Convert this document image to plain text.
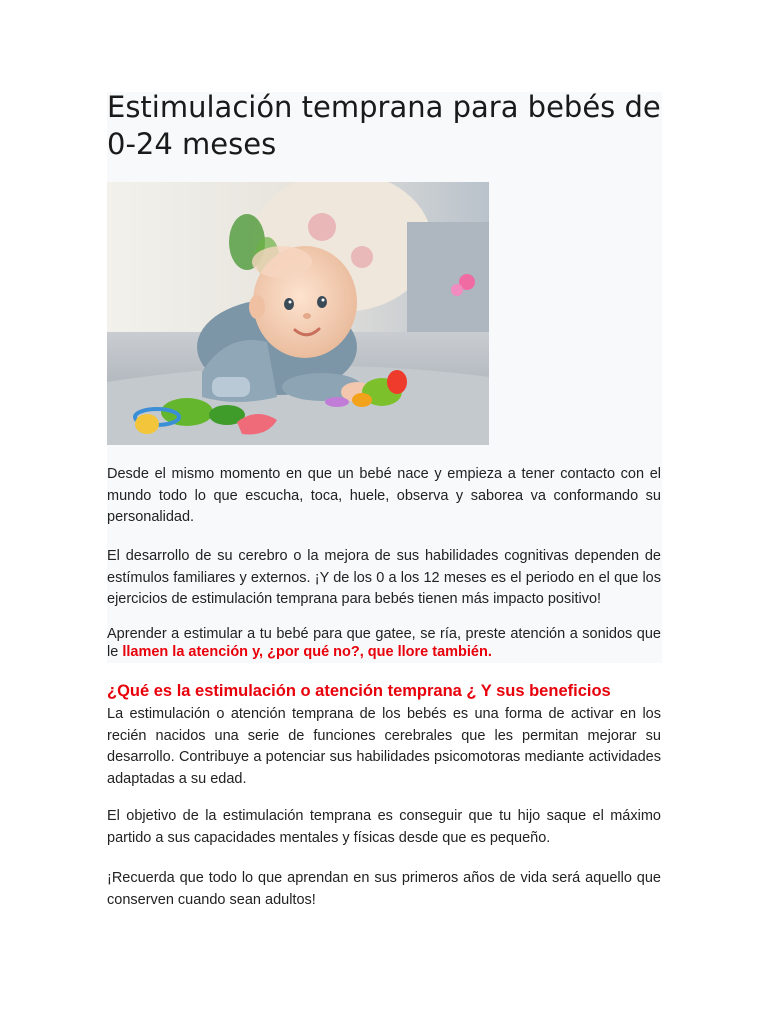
Estimulación temprana para bebés de 0-24 meses

Desde el mismo momento en que un bebé nace y empieza a tener contacto con el mundo todo lo que escucha, toca, huele, observa y saborea va conformando su personalidad.

El desarrollo de su cerebro o la mejora de sus habilidades cognitivas dependen de estímulos familiares y externos. ¡Y de los 0 a los 12 meses es el periodo en el que los ejercicios de estimulación temprana para bebés tienen más impacto positivo!

Aprender a estimular a tu bebé para que gatee, se ría, preste atención a sonidos que le llamen la atención y, ¿por qué no?, que llore también.

¿Qué es la estimulación o atención temprana ¿ Y sus beneficios

La estimulación o atención temprana de los bebés es una forma de activar en los recién nacidos una serie de funciones cerebrales que les permitan mejorar su desarrollo. Contribuye a potenciar sus habilidades psicomotoras mediante actividades adaptadas a su edad.

El objetivo de la estimulación temprana es conseguir que tu hijo saque el máximo partido a sus capacidades mentales y físicas desde que es pequeño.

¡Recuerda que todo lo que aprendan en sus primeros años de vida será aquello que conserven cuando sean adultos!
